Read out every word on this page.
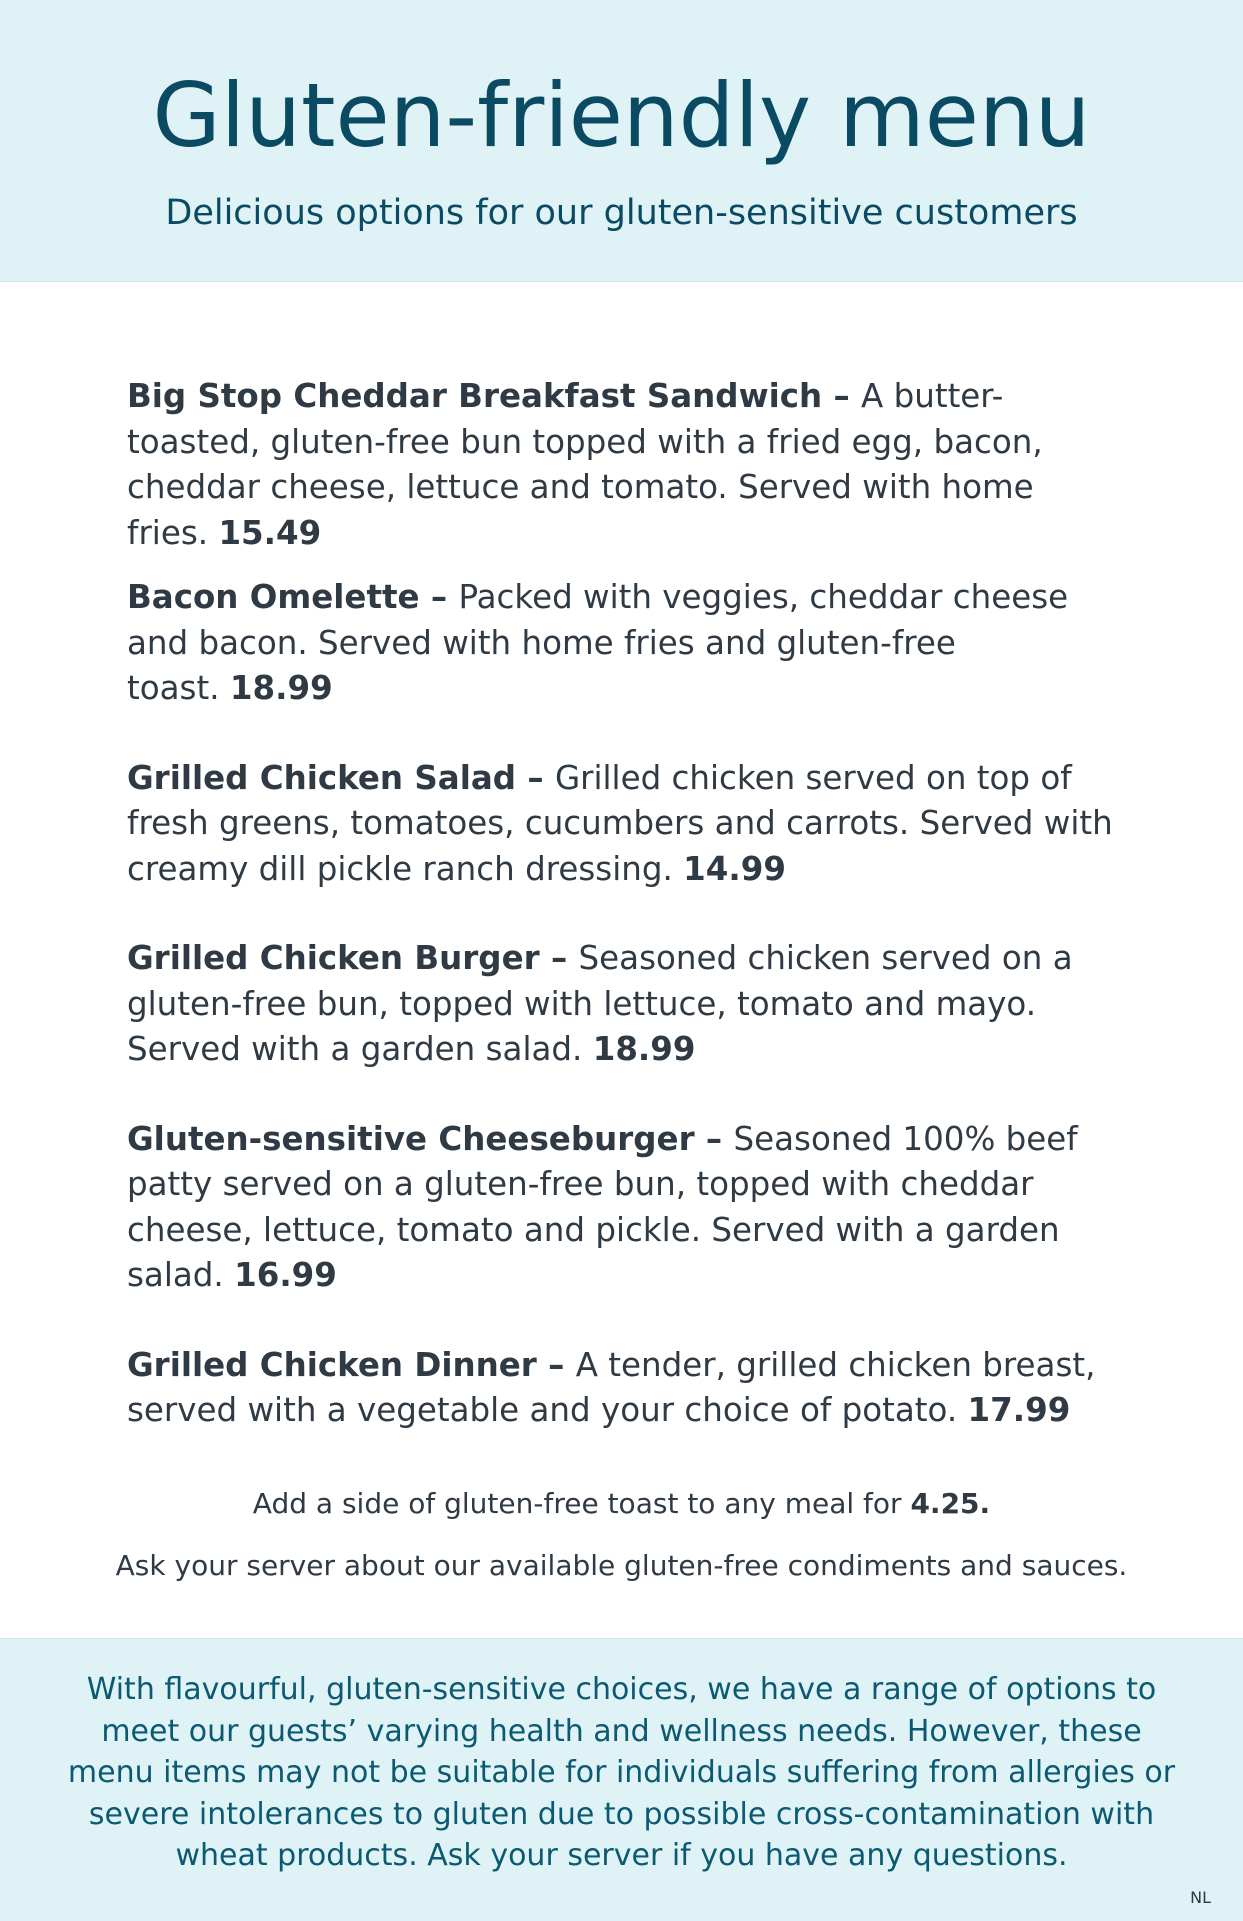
Gluten-friendly menu
Delicious options for our gluten-sensitive customers

Big Stop Cheddar Breakfast Sandwich – A butter-toasted, gluten-free bun topped with a fried egg, bacon, cheddar cheese, lettuce and tomato. Served with home fries. 15.49

Bacon Omelette – Packed with veggies, cheddar cheese and bacon. Served with home fries and gluten-free toast. 18.99

Grilled Chicken Salad – Grilled chicken served on top of fresh greens, tomatoes, cucumbers and carrots. Served with creamy dill pickle ranch dressing. 14.99

Grilled Chicken Burger – Seasoned chicken served on a gluten-free bun, topped with lettuce, tomato and mayo. Served with a garden salad. 18.99

Gluten-sensitive Cheeseburger – Seasoned 100% beef patty served on a gluten-free bun, topped with cheddar cheese, lettuce, tomato and pickle. Served with a garden salad. 16.99

Grilled Chicken Dinner – A tender, grilled chicken breast, served with a vegetable and your choice of potato. 17.99

Add a side of gluten-free toast to any meal for 4.25.
Ask your server about our available gluten-free condiments and sauces.
With flavourful, gluten-sensitive choices, we have a range of options to meet our guests’ varying health and wellness needs. However, these menu items may not be suitable for individuals suffering from allergies or severe intolerances to gluten due to possible cross-contamination with wheat products. Ask your server if you have any questions.
NL
